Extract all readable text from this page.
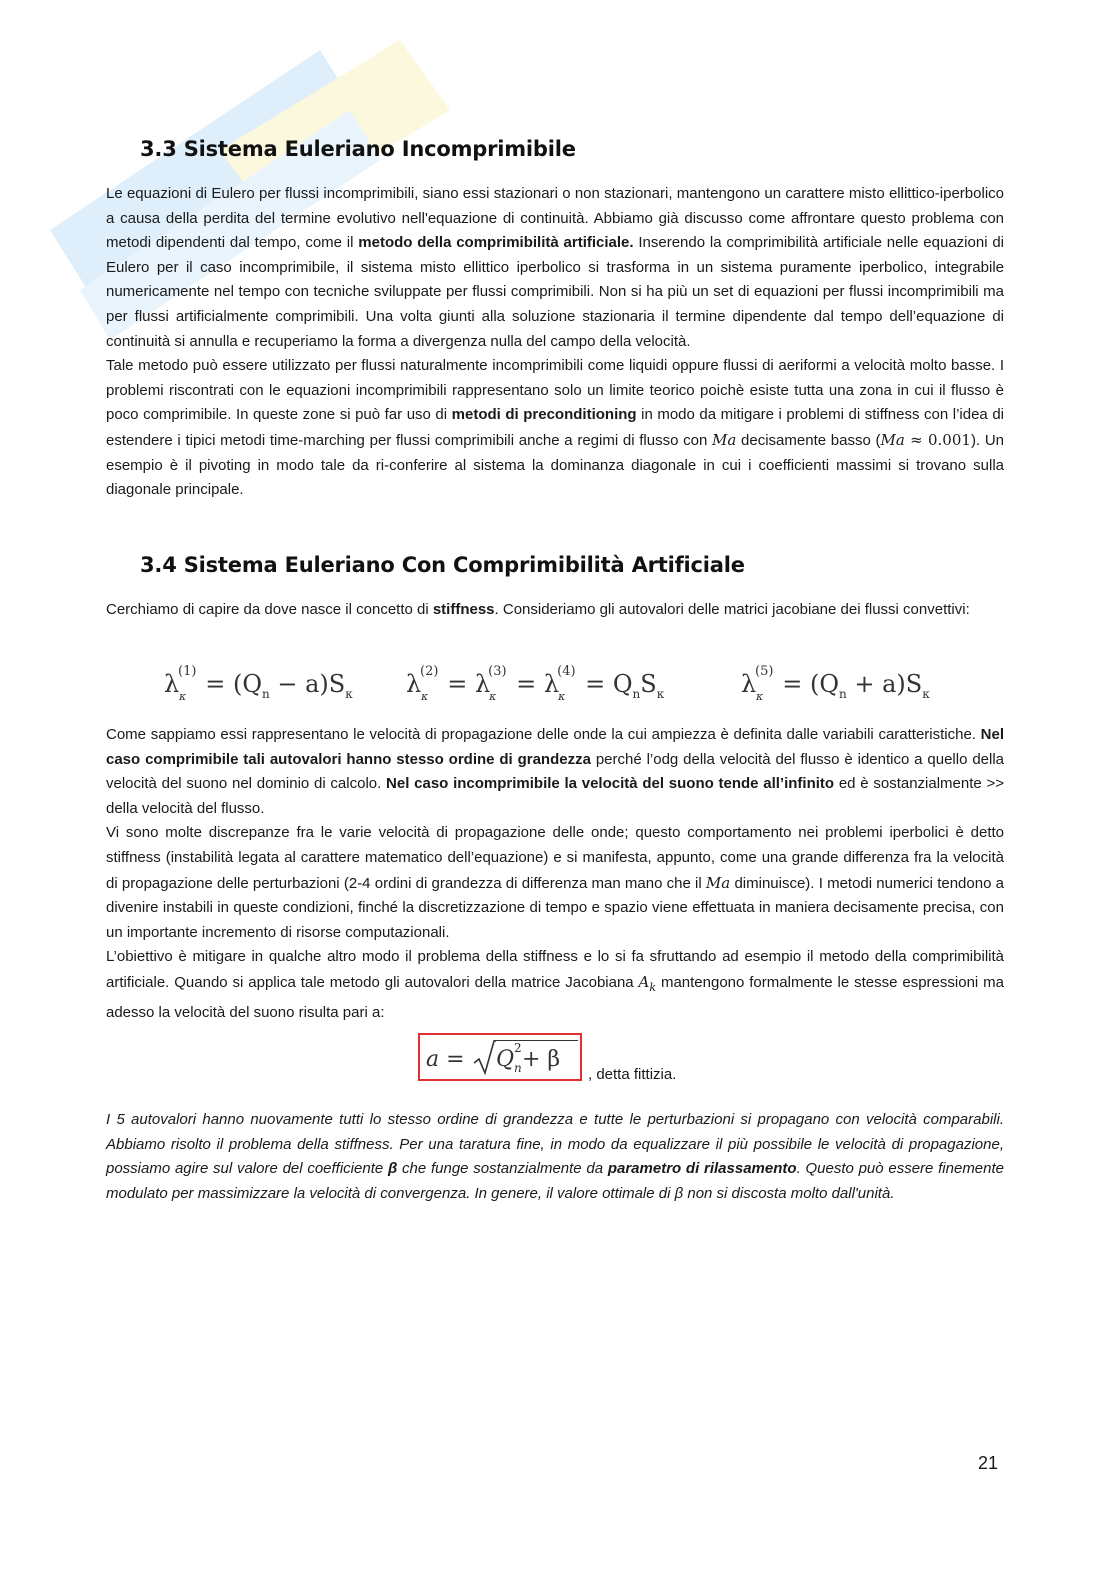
3.3 Sistema Euleriano Incomprimibile

Le equazioni di Eulero per flussi incomprimibili, siano essi stazionari o non stazionari, mantengono un carattere misto ellittico-iperbolico a causa della perdita del termine evolutivo nell'equazione di continuità. Abbiamo già discusso come affrontare questo problema con metodi dipendenti dal tempo, come il metodo della comprimibilità artificiale. Inserendo la comprimibilità artificiale nelle equazioni di Eulero per il caso incomprimibile, il sistema misto ellittico iperbolico si trasforma in un sistema puramente iperbolico, integrabile numericamente nel tempo con tecniche sviluppate per flussi comprimibili. Non si ha più un set di equazioni per flussi incomprimibili ma per flussi artificialmente comprimibili. Una volta giunti alla soluzione stazionaria il termine dipendente dal tempo dell’equazione di continuità si annulla e recuperiamo la forma a divergenza nulla del campo della velocità.

Tale metodo può essere utilizzato per flussi naturalmente incomprimibili come liquidi oppure flussi di aeriformi a velocità molto basse. I problemi riscontrati con le equazioni incomprimibili rappresentano solo un limite teorico poichè esiste tutta una zona in cui il flusso è poco comprimibile. In queste zone si può far uso di metodi di preconditioning in modo da mitigare i problemi di stiffness con l’idea di estendere i tipici metodi time-marching per flussi comprimibili anche a regimi di flusso con Ma decisamente basso (Ma ≈ 0.001). Un esempio è il pivoting in modo tale da ri-conferire al sistema la dominanza diagonale in cui i coefficienti massimi si trovano sulla diagonale principale.

3.4 Sistema Euleriano Con Comprimibilità Artificiale

Cerchiamo di capire da dove nasce il concetto di stiffness. Consideriamo gli autovalori delle matrici jacobiane dei flussi convettivi:

λ
(1)
$\kappa = (Q_n - a)S_\kappa$ λ
(2)
κ = λ
(3)
κ = λ
(4)
$\kappa = Q_nS_\kappa$	λ
(5)
$\kappa = (Q_n + a)S_\kappa$

Come sappiamo essi rappresentano le velocità di propagazione delle onde la cui ampiezza è definita dalle variabili caratteristiche. Nel caso comprimibile tali autovalori hanno stesso ordine di grandezza perché l’odg della velocità del flusso è identico a quello della velocità del suono nel dominio di calcolo. Nel caso incomprimibile la velocità del suono tende all’infinito ed è sostanzialmente >> della velocità del flusso.

Vi sono molte discrepanze fra le varie velocità di propagazione delle onde; questo comportamento nei problemi iperbolici è detto stiffness (instabilità legata al carattere matematico dell’equazione) e si manifesta, appunto, come una grande differenza fra la velocità di propagazione delle perturbazioni (2-4 ordini di grandezza di differenza man mano che il Ma diminuisce). I metodi numerici tendono a divenire instabili in queste condizioni, finché la discretizzazione di tempo e spazio viene effettuata in maniera decisamente precisa, con un importante incremento di risorse computazionali.

L’obiettivo è mitigare in qualche altro modo il problema della stiffness e lo si fa sfruttando ad esempio il metodo della comprimibilità artificiale. Quando si applica tale metodo gli autovalori della matrice Jacobiana $A_k$ mantengono formalmente le stesse espressioni ma adesso la velocità del suono risulta pari a:

a = Q 2
n + β
, detta fittizia.

I 5 autovalori hanno nuovamente tutti lo stesso ordine di grandezza e tutte le perturbazioni si propagano con velocità comparabili. Abbiamo risolto il problema della stiffness. Per una taratura fine, in modo da equalizzare il più possibile le velocità di propagazione, possiamo agire sul valore del coefficiente β che funge sostanzialmente da parametro di rilassamento. Questo può essere finemente modulato per massimizzare la velocità di convergenza. In genere, il valore ottimale di β non si discosta molto dall'unità.

21
